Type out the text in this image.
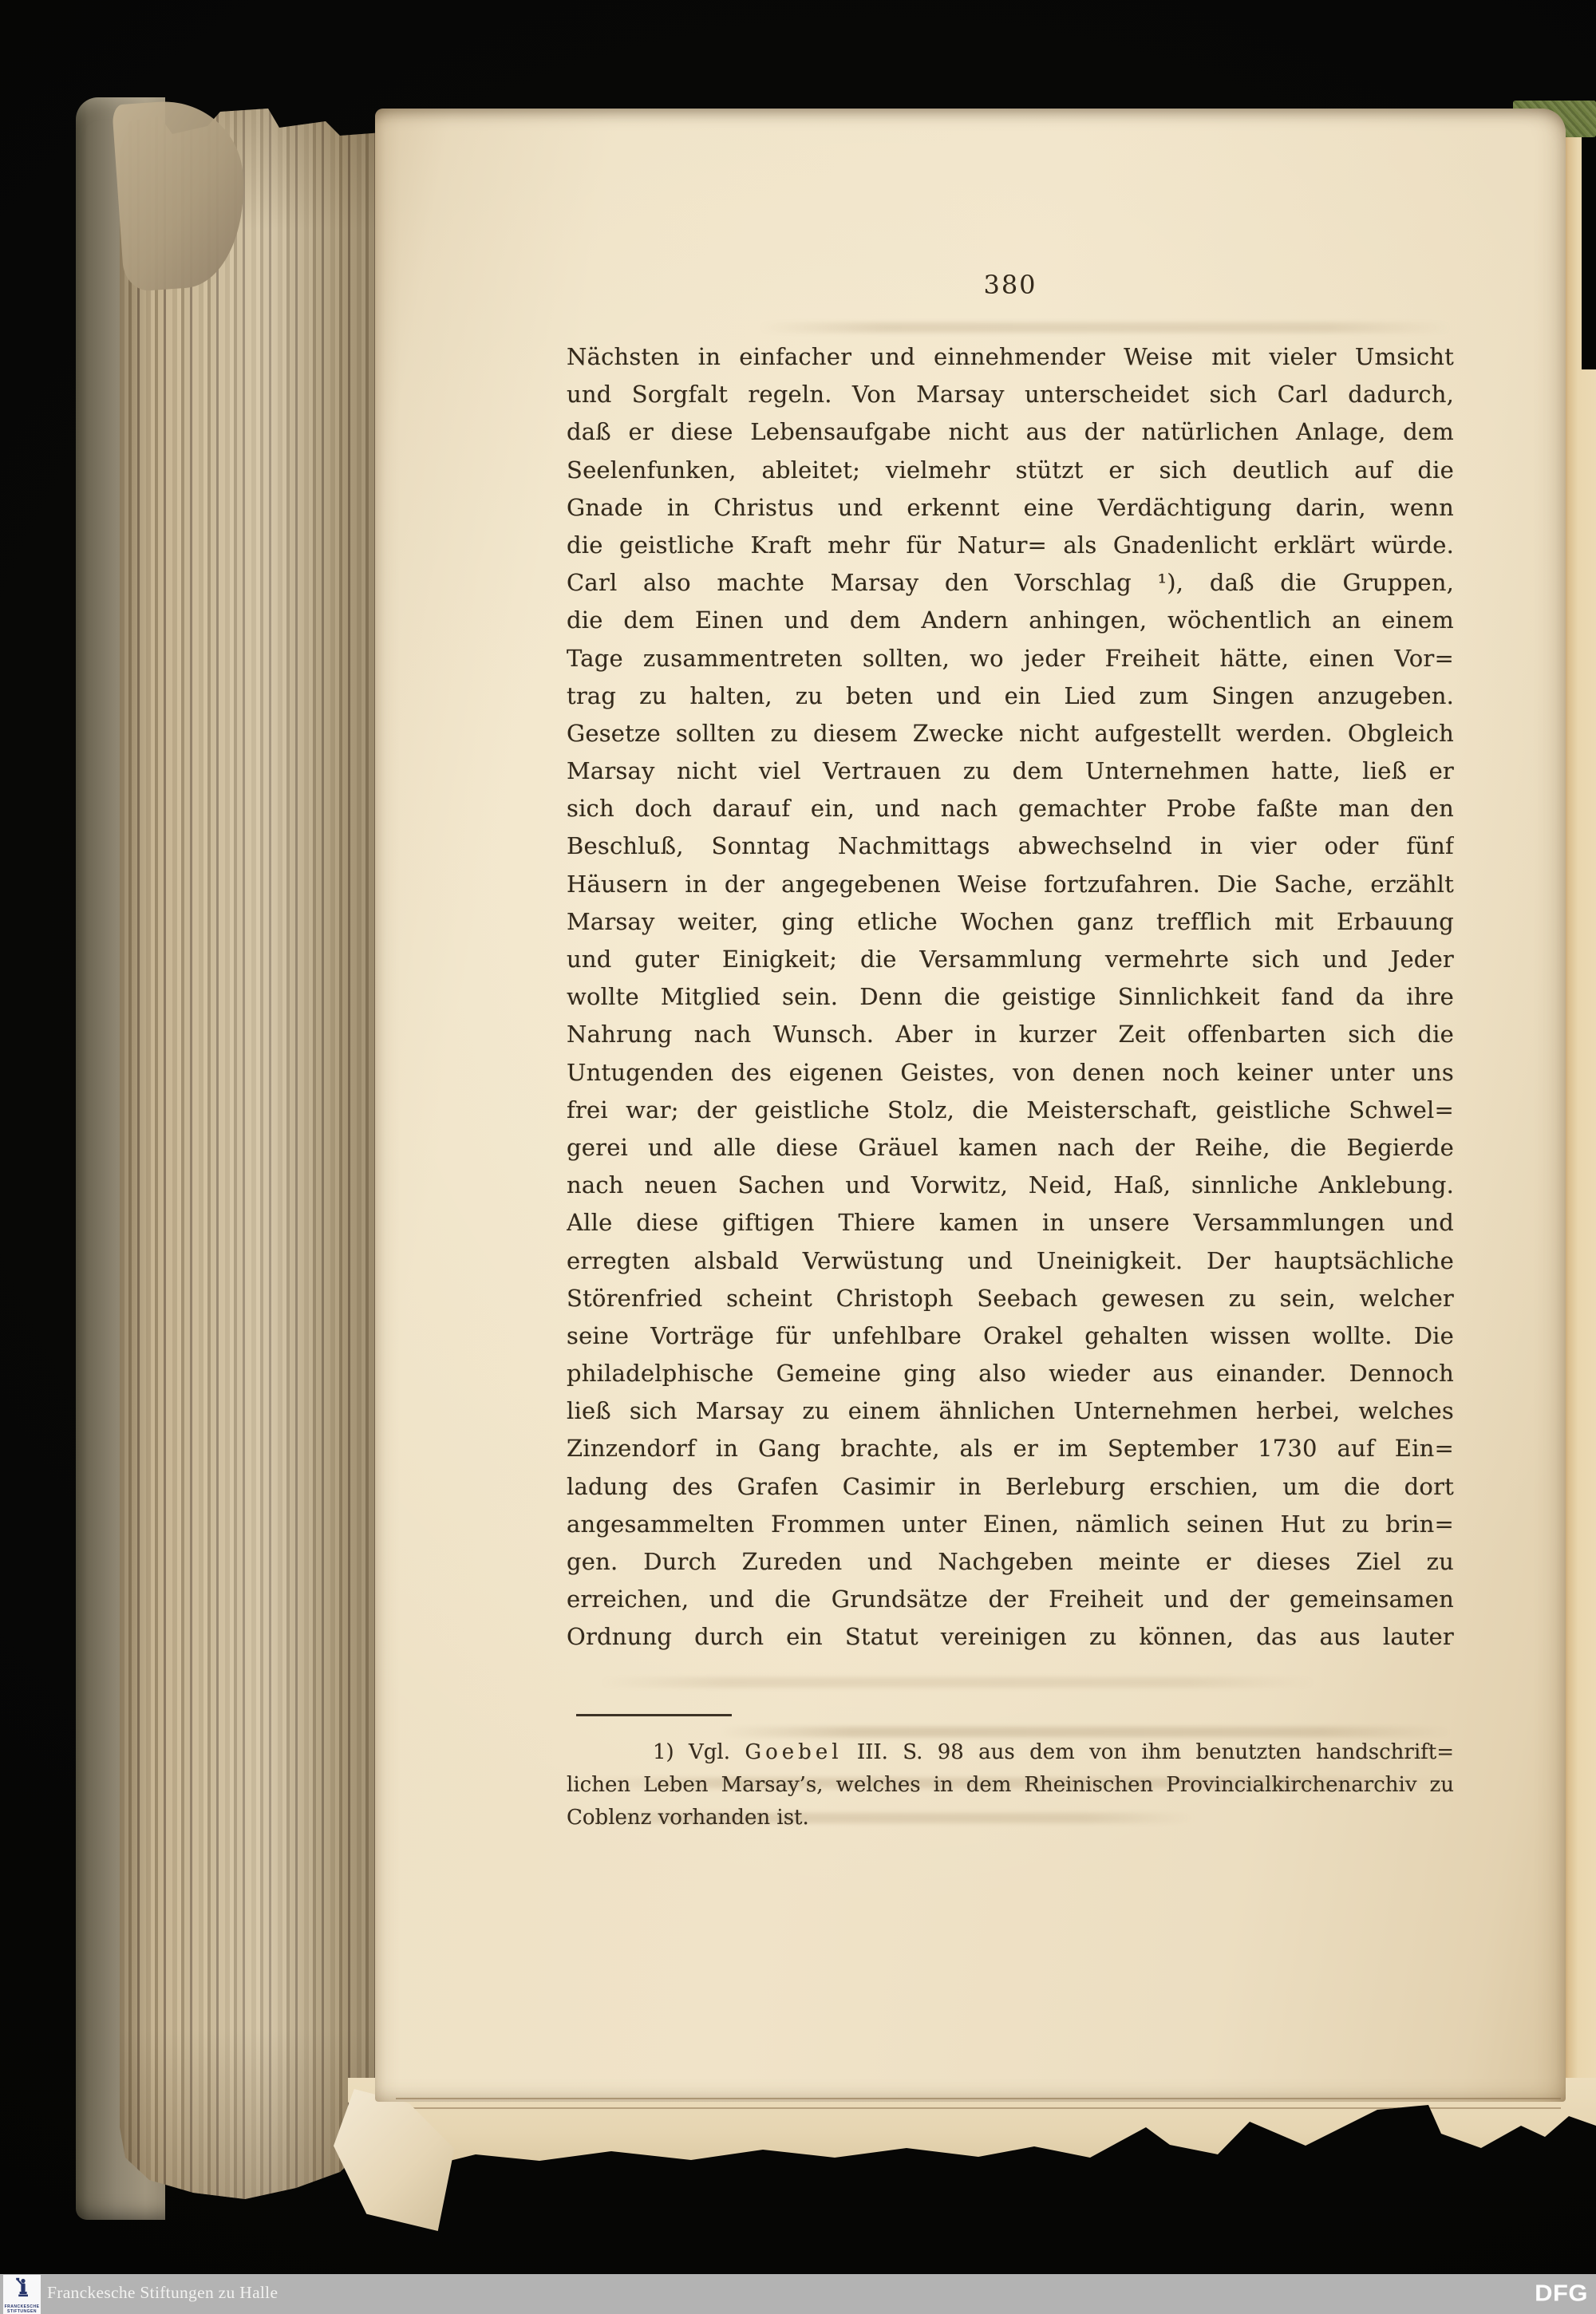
380
Nächsten in einfacher und einnehmender Weise mit vieler Umsicht
und Sorgfalt regeln. Von Marsay unterscheidet sich Carl dadurch,
daß er diese Lebensaufgabe nicht aus der natürlichen Anlage, dem
Seelenfunken, ableitet; vielmehr stützt er sich deutlich auf die
Gnade in Christus und erkennt eine Verdächtigung darin, wenn
die geistliche Kraft mehr für Natur= als Gnadenlicht erklärt würde.
Carl also machte Marsay den Vorschlag ¹), daß die Gruppen,
die dem Einen und dem Andern anhingen, wöchentlich an einem
Tage zusammentreten sollten, wo jeder Freiheit hätte, einen Vor=
trag zu halten, zu beten und ein Lied zum Singen anzugeben.
Gesetze sollten zu diesem Zwecke nicht aufgestellt werden. Obgleich
Marsay nicht viel Vertrauen zu dem Unternehmen hatte, ließ er
sich doch darauf ein, und nach gemachter Probe faßte man den
Beschluß, Sonntag Nachmittags abwechselnd in vier oder fünf
Häusern in der angegebenen Weise fortzufahren. Die Sache, erzählt
Marsay weiter, ging etliche Wochen ganz trefflich mit Erbauung
und guter Einigkeit; die Versammlung vermehrte sich und Jeder
wollte Mitglied sein. Denn die geistige Sinnlichkeit fand da ihre
Nahrung nach Wunsch. Aber in kurzer Zeit offenbarten sich die
Untugenden des eigenen Geistes, von denen noch keiner unter uns
frei war; der geistliche Stolz, die Meisterschaft, geistliche Schwel=
gerei und alle diese Gräuel kamen nach der Reihe, die Begierde
nach neuen Sachen und Vorwitz, Neid, Haß, sinnliche Anklebung.
Alle diese giftigen Thiere kamen in unsere Versammlungen und
erregten alsbald Verwüstung und Uneinigkeit. Der hauptsächliche
Störenfried scheint Christoph Seebach gewesen zu sein, welcher
seine Vorträge für unfehlbare Orakel gehalten wissen wollte. Die
philadelphische Gemeine ging also wieder aus einander. Dennoch
ließ sich Marsay zu einem ähnlichen Unternehmen herbei, welches
Zinzendorf in Gang brachte, als er im September 1730 auf Ein=
ladung des Grafen Casimir in Berleburg erschien, um die dort
angesammelten Frommen unter Einen, nämlich seinen Hut zu brin=
gen. Durch Zureden und Nachgeben meinte er dieses Ziel zu
erreichen, und die Grundsätze der Freiheit und der gemeinsamen
Ordnung durch ein Statut vereinigen zu können, das aus lauter
1) Vgl. Goebel III. S. 98 aus dem von ihm benutzten handschrift=
lichen Leben Marsay’s, welches in dem Rheinischen Provincialkirchenarchiv zu
Coblenz vorhanden ist.
FRANCKESCHE
STIFTUNGEN
Franckesche Stiftungen zu Halle	DFG
